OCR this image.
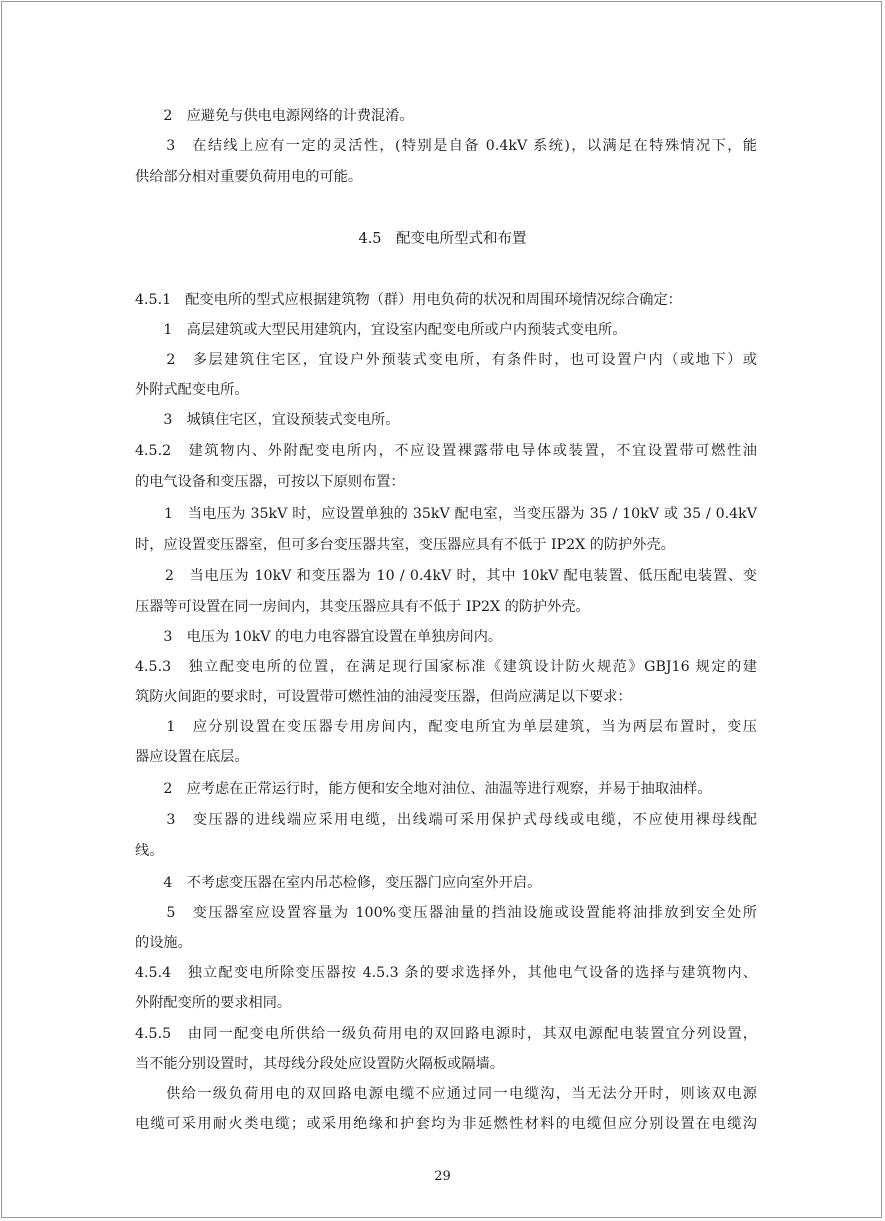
　　2　应避免与供电电源网络的计费混淆。
　　3　在结线上应有一定的灵活性，(特别是自备 0.4kV 系统)，以满足在特殊情况下，能
供给部分相对重要负荷用电的可能。
4.5　配变电所型式和布置
4.5.1　配变电所的型式应根据建筑物（群）用电负荷的状况和周围环境情况综合确定：
　　1　高层建筑或大型民用建筑内，宜设室内配变电所或户内预装式变电所。
　　2　多层建筑住宅区，宜设户外预装式变电所，有条件时，也可设置户内（或地下）或
外附式配变电所。
　　3　城镇住宅区，宜设预装式变电所。
4.5.2　建筑物内、外附配变电所内，不应设置裸露带电导体或装置，不宜设置带可燃性油
的电气设备和变压器，可按以下原则布置：
　　1　当电压为 35kV 时，应设置单独的 35kV 配电室，当变压器为 35 / 10kV 或 35 / 0.4kV
时，应设置变压器室，但可多台变压器共室，变压器应具有不低于 IP2X 的防护外壳。
　　2　当电压为 10kV 和变压器为 10 / 0.4kV 时，其中 10kV 配电装置、低压配电装置、变
压器等可设置在同一房间内，其变压器应具有不低于 IP2X 的防护外壳。
　　3　电压为 10kV 的电力电容器宜设置在单独房间内。
4.5.3　独立配变电所的位置，在满足现行国家标准《建筑设计防火规范》GBJ16 规定的建
筑防火间距的要求时，可设置带可燃性油的油浸变压器，但尚应满足以下要求：
　　1　应分别设置在变压器专用房间内，配变电所宜为单层建筑，当为两层布置时，变压
器应设置在底层。
　　2　应考虑在正常运行时，能方便和安全地对油位、油温等进行观察，并易于抽取油样。
　　3　变压器的进线端应采用电缆，出线端可采用保护式母线或电缆，不应使用裸母线配
线。
　　4　不考虑变压器在室内吊芯检修，变压器门应向室外开启。
　　5　变压器室应设置容量为 100%变压器油量的挡油设施或设置能将油排放到安全处所
的设施。
4.5.4　独立配变电所除变压器按 4.5.3 条的要求选择外，其他电气设备的选择与建筑物内、
外附配变所的要求相同。
4.5.5　由同一配变电所供给一级负荷用电的双回路电源时，其双电源配电装置宜分列设置，
当不能分别设置时，其母线分段处应设置防火隔板或隔墙。
　　供给一级负荷用电的双回路电源电缆不应通过同一电缆沟，当无法分开时，则该双电源
电缆可采用耐火类电缆；或采用绝缘和护套均为非延燃性材料的电缆但应分别设置在电缆沟
29
